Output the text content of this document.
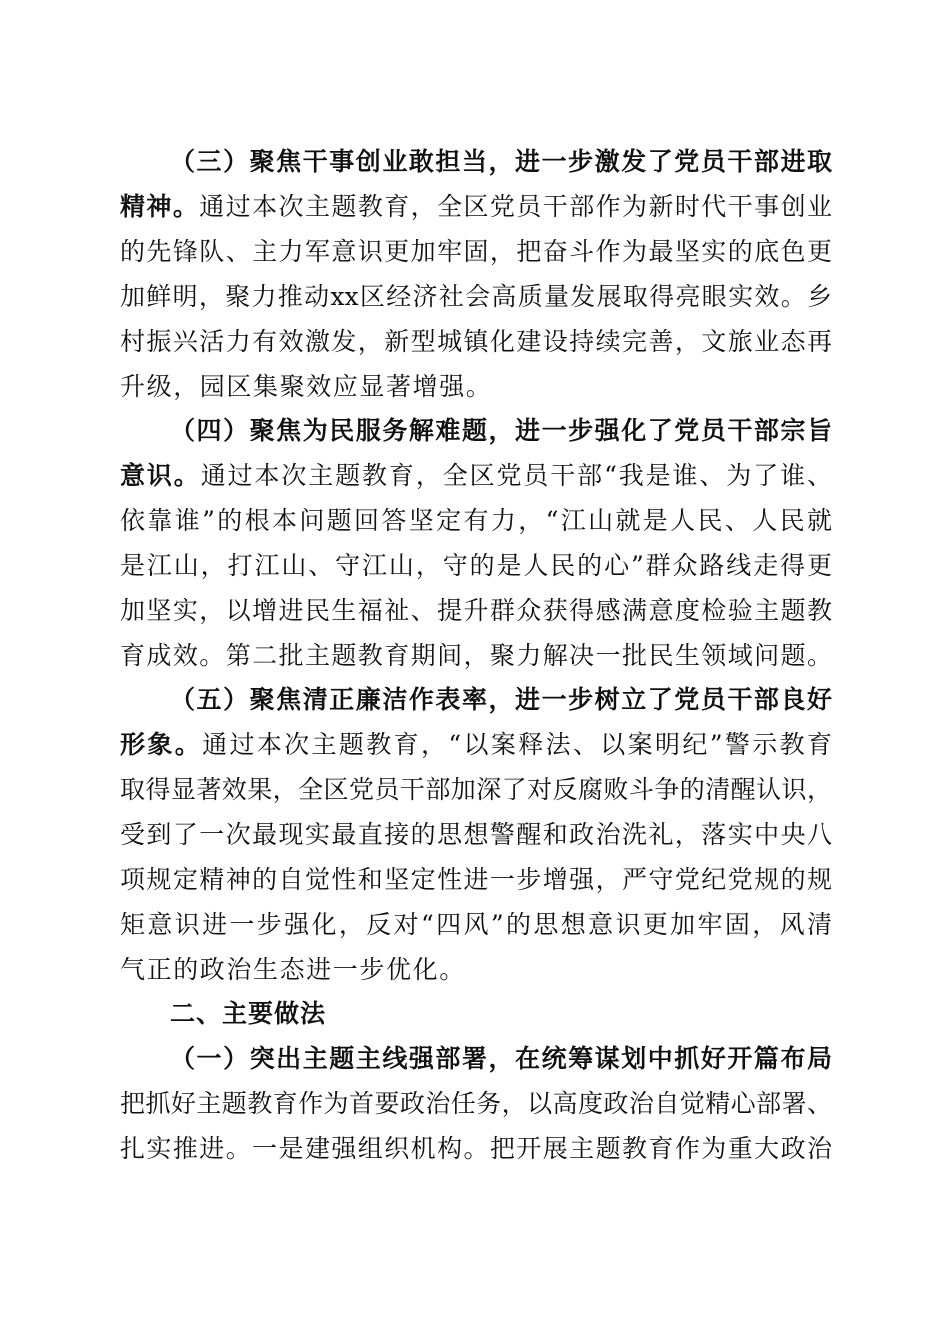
（三）聚焦干事创业敢担当，进一步激发了党员干部进取
精神。通过本次主题教育，全区党员干部作为新时代干事创业
的先锋队、主力军意识更加牢固，把奋斗作为最坚实的底色更
加鲜明，聚力推动xx区经济社会高质量发展取得亮眼实效。乡
村振兴活力有效激发，新型城镇化建设持续完善，文旅业态再
升级，园区集聚效应显著增强。
（四）聚焦为民服务解难题，进一步强化了党员干部宗旨
意识。通过本次主题教育，全区党员干部“我是谁、为了谁、
依靠谁”的根本问题回答坚定有力，“江山就是人民、人民就
是江山，打江山、守江山，守的是人民的心”群众路线走得更
加坚实，以增进民生福祉、提升群众获得感满意度检验主题教
育成效。第二批主题教育期间，聚力解决一批民生领域问题。
（五）聚焦清正廉洁作表率，进一步树立了党员干部良好
形象。通过本次主题教育，“以案释法、以案明纪”警示教育
取得显著效果，全区党员干部加深了对反腐败斗争的清醒认识，
受到了一次最现实最直接的思想警醒和政治洗礼，落实中央八
项规定精神的自觉性和坚定性进一步增强，严守党纪党规的规
矩意识进一步强化，反对“四风”的思想意识更加牢固，风清
气正的政治生态进一步优化。
二、主要做法
（一）突出主题主线强部署，在统筹谋划中抓好开篇布局
把抓好主题教育作为首要政治任务，以高度政治自觉精心部署、
扎实推进。一是建强组织机构。把开展主题教育作为重大政治
